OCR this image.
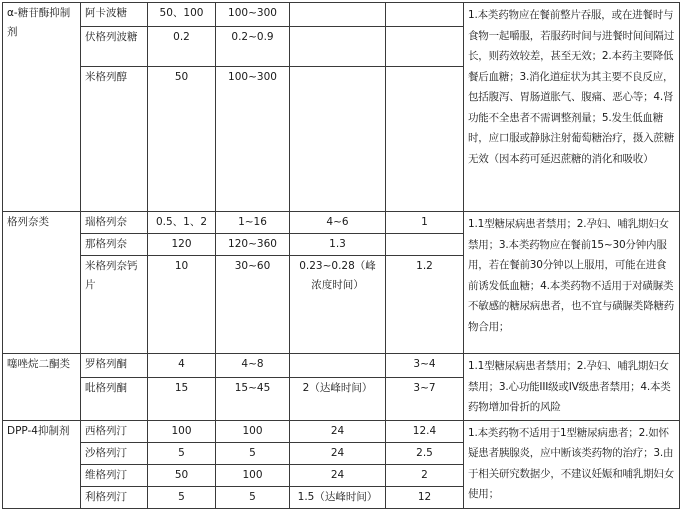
α-糖苷酶抑制剂	阿卡波糖	50、100	100~300			1.本类药物应在餐前整片吞服，或在进餐时与食物一起嚼服，若服药时间与进餐时间间隔过长，则药效较差，甚至无效；2.本药主要降低餐后血糖；3.消化道症状为其主要不良反应，包括腹泻、胃肠道胀气、腹痛、恶心等；4.肾功能不全患者不需调整剂量；5.发生低血糖时，应口服或静脉注射葡萄糖治疗，摄入蔗糖无效（因本药可延迟蔗糖的消化和吸收）
	伏格列波糖	0.2	0.2~0.9			
	米格列醇	50	100~300			
格列奈类	瑞格列奈	0.5、1、2	1~16	4~6	1	1.1型糖尿病患者禁用；2.孕妇、哺乳期妇女禁用；3.本类药物应在餐前15~30分钟内服用，若在餐前30分钟以上服用，可能在进食前诱发低血糖；4.本类药物不适用于对磺脲类不敏感的糖尿病患者，也不宜与磺脲类降糖药物合用；
	那格列奈	120	120~360	1.3		
	米格列奈钙片	10	30~60	0.23~0.28（峰浓度时间）	1.2	
噻唑烷二酮类	罗格列酮	4	4~8		3~4	1.1型糖尿病患者禁用；2.孕妇、哺乳期妇女禁用；3.心功能III级或IV级患者禁用；4.本类药物增加骨折的风险
	吡格列酮	15	15~45	2（达峰时间）	3~7	
DPP-4抑制剂	西格列汀	100	100	24	12.4	1.本类药物不适用于1型糖尿病患者；2.如怀疑患者胰腺炎，应中断该类药物的治疗；3.由于相关研究数据少，不建议妊娠和哺乳期妇女使用；
	沙格列汀	5	5	24	2.5	
	维格列汀	50	100	24	2	
	利格列汀	5	5	1.5（达峰时间）	12	
